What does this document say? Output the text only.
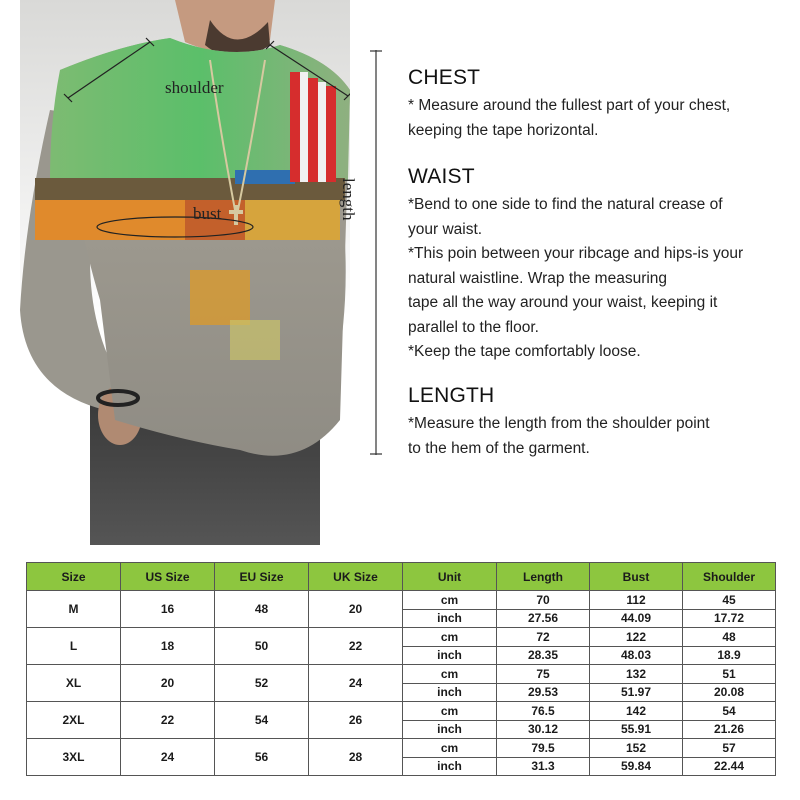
shoulder
bust	length
CHEST

* Measure around the fullest part of your chest,

keeping the tape horizontal.

WAIST

*Bend to one side to find the natural crease of

your waist.

*This poin between your ribcage and hips-is your

natural waistline. Wrap the measuring

tape all the way around your waist, keeping it

parallel to the floor.

*Keep the tape comfortably loose.

LENGTH

*Measure the length from the shoulder point

to the hem of the garment.

Size	US Size	EU Size	UK Size	Unit	Length	Bust	Shoulder
M	16	48	20	cm	70	112	45
				inch	27.56	44.09	17.72
L	18	50	22	cm	72	122	48
				inch	28.35	48.03	18.9
XL	20	52	24	cm	75	132	51
				inch	29.53	51.97	20.08
2XL	22	54	26	cm	76.5	142	54
				inch	30.12	55.91	21.26
3XL	24	56	28	cm	79.5	152	57
				inch	31.3	59.84	22.44
